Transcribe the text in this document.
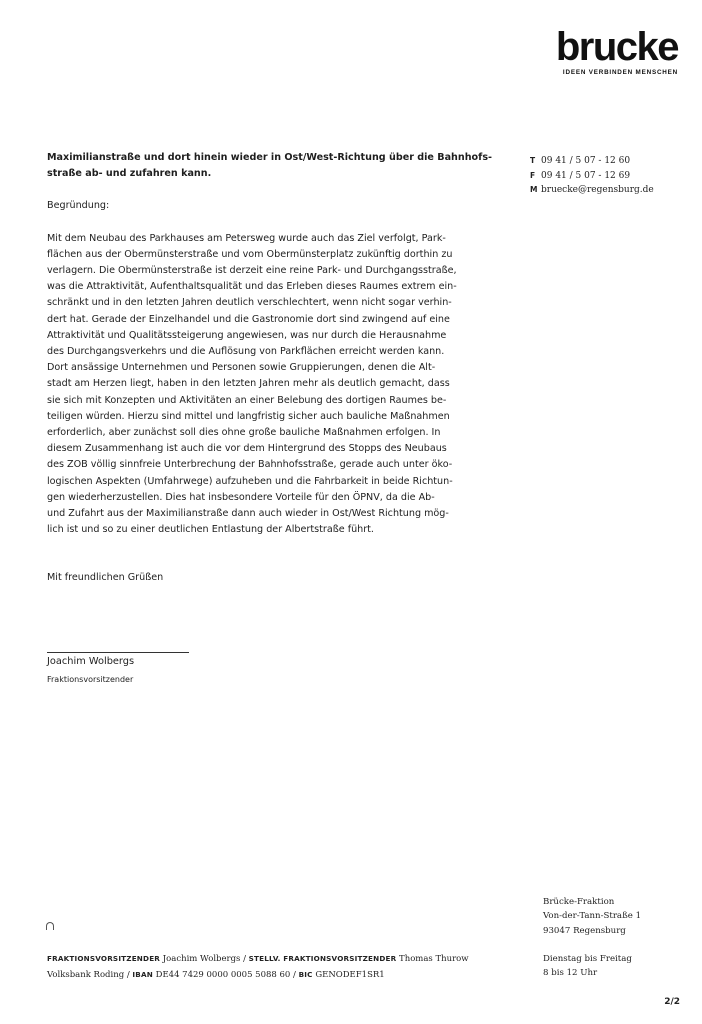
brucke
IDEEN VERBINDEN MENSCHEN
T 09 41 / 5 07 - 12 60
F 09 41 / 5 07 - 12 69
M bruecke@regensburg.de

Maximilianstraße und dort hinein wieder in Ost/West-Richtung über die Bahnhofs-
straße ab- und zufahren kann.

Begründung:

Mit dem Neubau des Parkhauses am Petersweg wurde auch das Ziel verfolgt, Park-
flächen aus der Obermünsterstraße und vom Obermünsterplatz zukünftig dorthin zu
verlagern. Die Obermünsterstraße ist derzeit eine reine Park- und Durchgangsstraße,
was die Attraktivität, Aufenthaltsqualität und das Erleben dieses Raumes extrem ein-
schränkt und in den letzten Jahren deutlich verschlechtert, wenn nicht sogar verhin-
dert hat. Gerade der Einzelhandel und die Gastronomie dort sind zwingend auf eine
Attraktivität und Qualitätssteigerung angewiesen, was nur durch die Herausnahme
des Durchgangsverkehrs und die Auflösung von Parkflächen erreicht werden kann.
Dort ansässige Unternehmen und Personen sowie Gruppierungen, denen die Alt-
stadt am Herzen liegt, haben in den letzten Jahren mehr als deutlich gemacht, dass
sie sich mit Konzepten und Aktivitäten an einer Belebung des dortigen Raumes be-
teiligen würden. Hierzu sind mittel und langfristig sicher auch bauliche Maßnahmen
erforderlich, aber zunächst soll dies ohne große bauliche Maßnahmen erfolgen. In
diesem Zusammenhang ist auch die vor dem Hintergrund des Stopps des Neubaus
des ZOB völlig sinnfreie Unterbrechung der Bahnhofsstraße, gerade auch unter öko-
logischen Aspekten (Umfahrwege) aufzuheben und die Fahrbarkeit in beide Richtun-
gen wiederherzustellen. Dies hat insbesondere Vorteile für den ÖPNV, da die Ab-
und Zufahrt aus der Maximilianstraße dann auch wieder in Ost/West Richtung mög-
lich ist und so zu einer deutlichen Entlastung der Albertstraße führt.

Mit freundlichen Grüßen

Joachim Wolbergs
Fraktionsvorsitzender
Brücke-Fraktion
Von-der-Tann-Straße 1
93047 Regensburg
Dienstag bis Freitag
8 bis 12 Uhr
FRAKTIONSVORSITZENDER Joachim Wolbergs / STELLV. FRAKTIONSVORSITZENDER Thomas Thurow
Volksbank Roding / IBAN DE44 7429 0000 0005 5088 60 / BIC GENODEF1SR1
2/2
